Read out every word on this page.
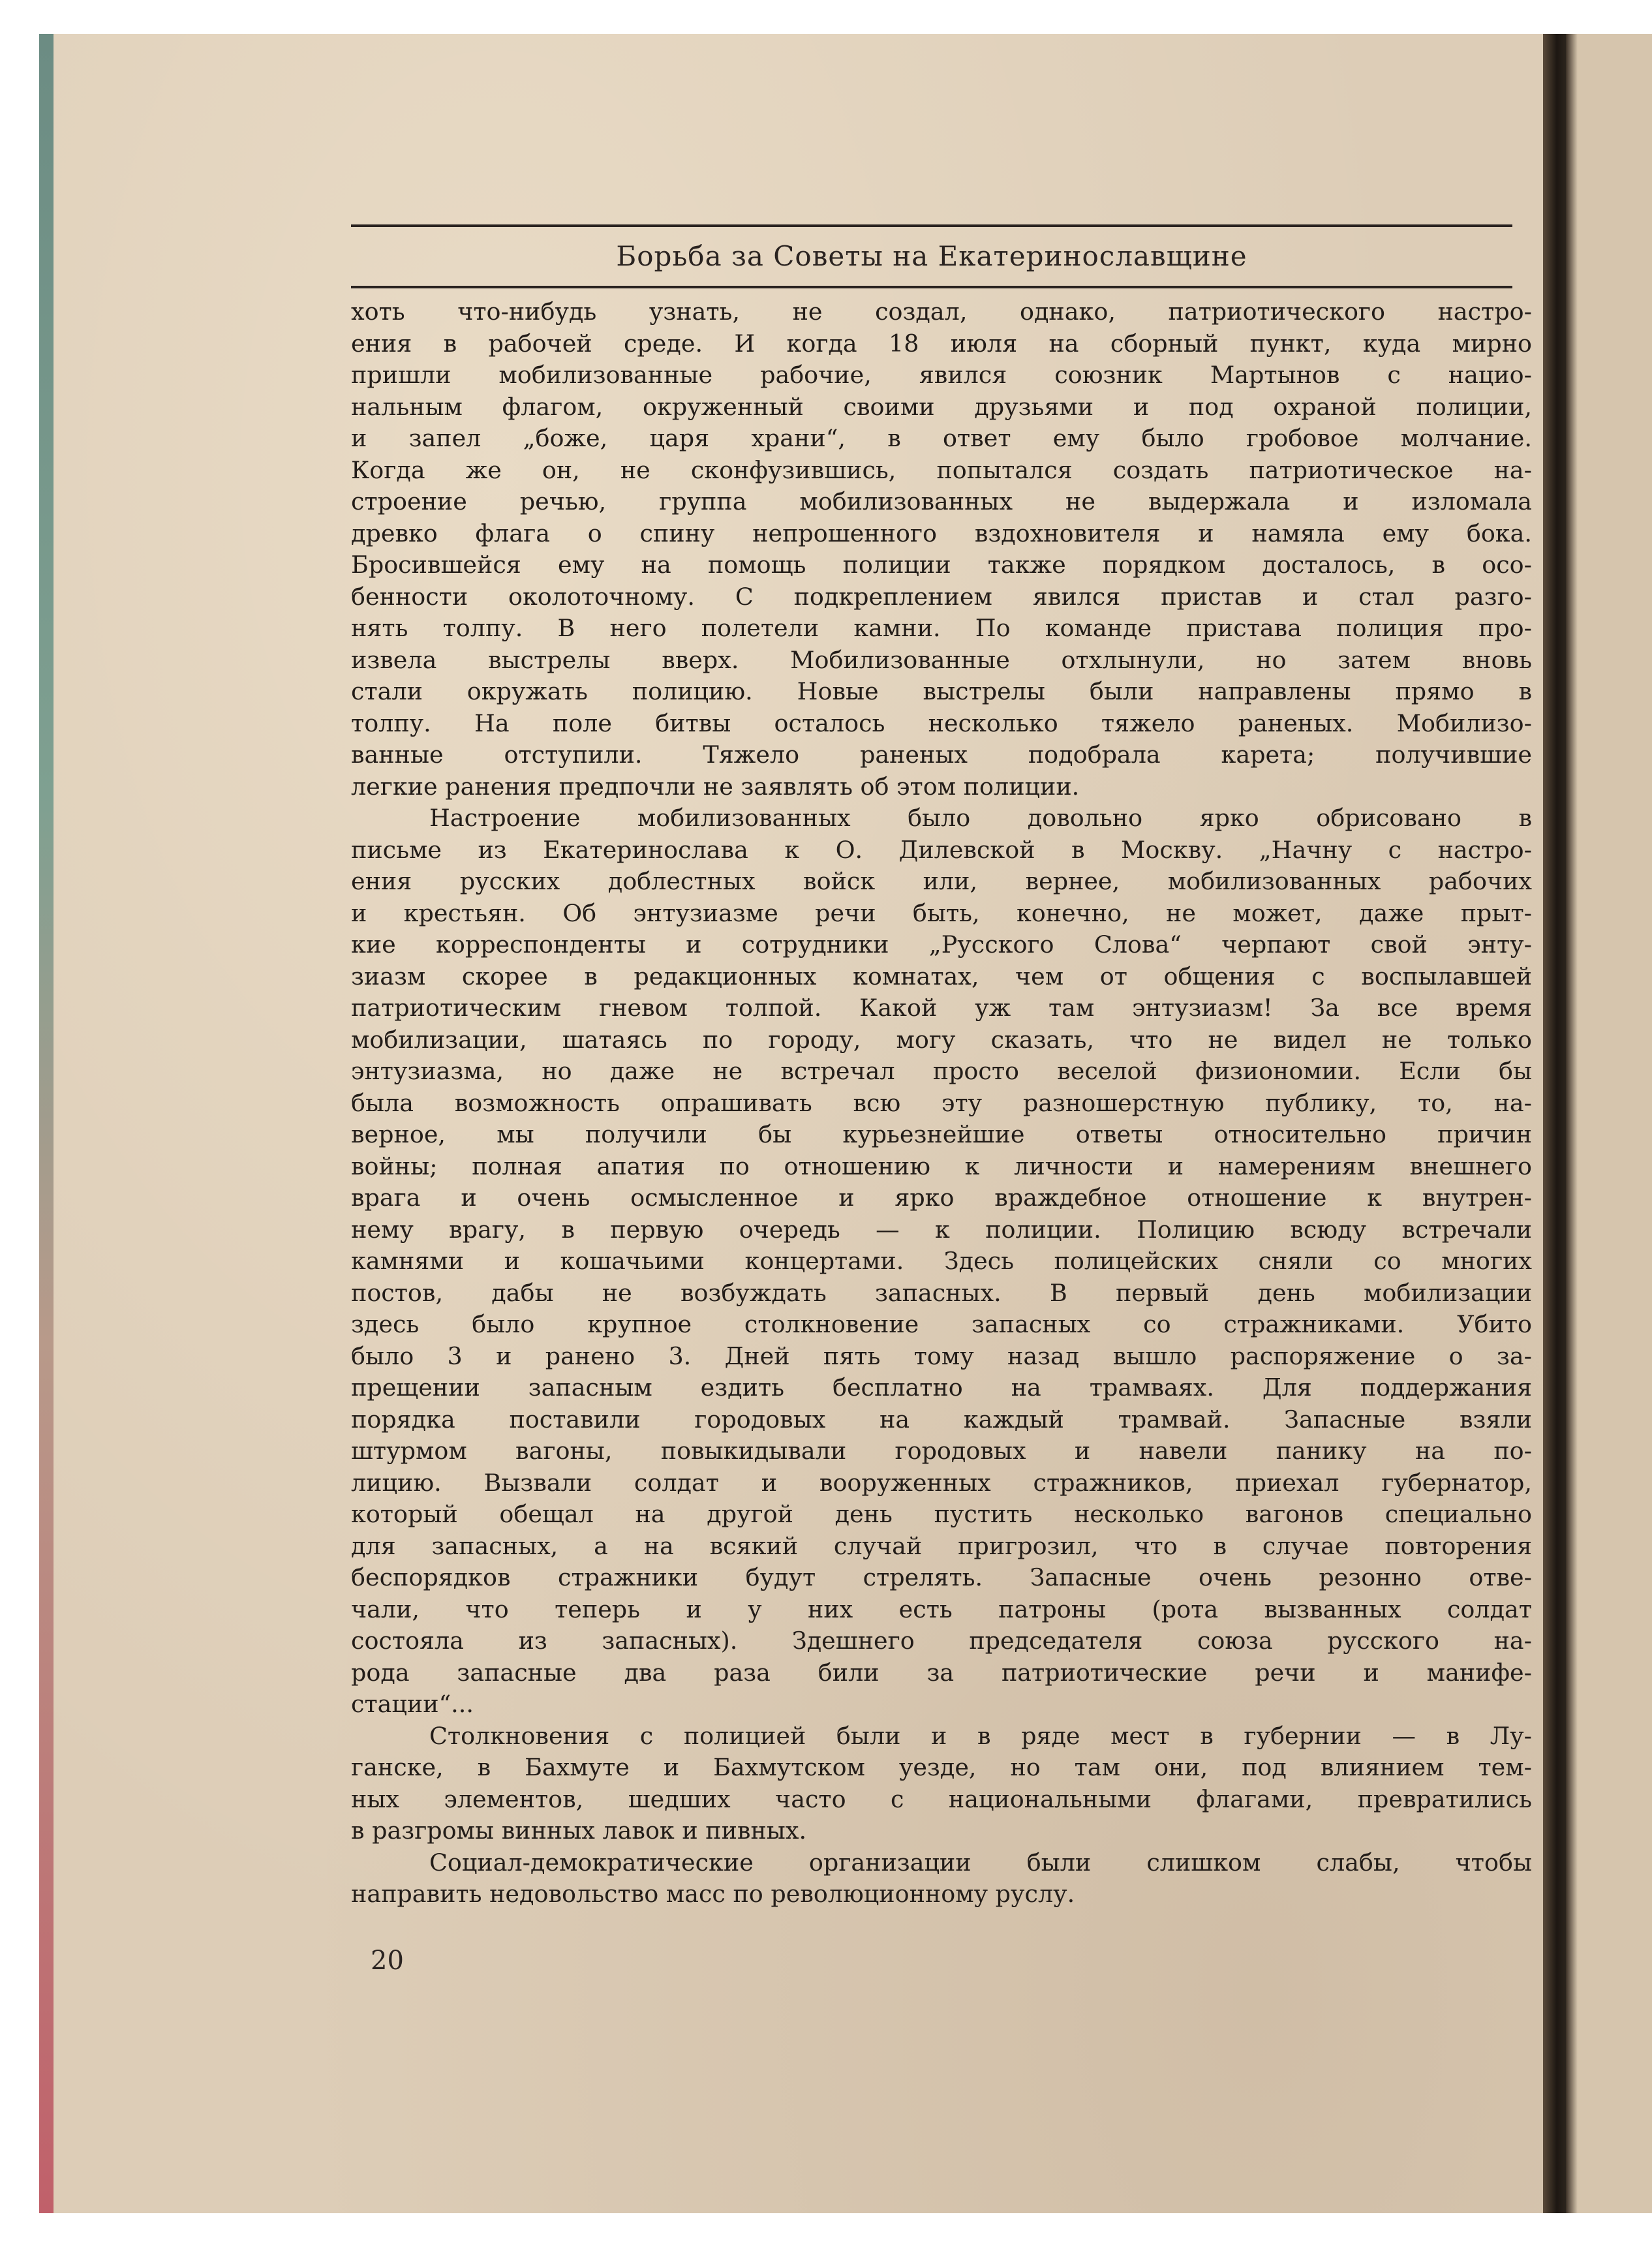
Борьба за Советы на Екатеринославщине
хоть что-нибудь узнать, не создал, однако, патриотического настро-
ения в рабочей среде. И когда 18 июля на сборный пункт, куда мирно
пришли мобилизованные рабочие, явился союзник Мартынов с нацио-
нальным флагом, окруженный своими друзьями и под охраной полиции,
и запел „боже, царя храни“, в ответ ему было гробовое молчание.
Когда же он, не сконфузившись, попытался создать патриотическое на-
строение речью, группа мобилизованных не выдержала и изломала
древко флага о спину непрошенного вздохновителя и намяла ему бока.
Бросившейся ему на помощь полиции также порядком досталось, в осо-
бенности околоточному. С подкреплением явился пристав и стал разго-
нять толпу. В него полетели камни. По команде пристава полиция про-
извела выстрелы вверх. Мобилизованные отхлынули, но затем вновь
стали окружать полицию. Новые выстрелы были направлены прямо в
толпу. На поле битвы осталось несколько тяжело раненых. Мобилизо-
ванные отступили. Тяжело раненых подобрала карета; получившие
легкие ранения предпочли не заявлять об этом полиции.
Настроение мобилизованных было довольно ярко обрисовано в
письме из Екатеринослава к О. Дилевской в Москву. „Начну с настро-
ения русских доблестных войск или, вернее, мобилизованных рабочих
и крестьян. Об энтузиазме речи быть, конечно, не может, даже прыт-
кие корреспонденты и сотрудники „Русского Слова“ черпают свой энту-
зиазм скорее в редакционных комнатах, чем от общения с воспылавшей
патриотическим гневом толпой. Какой уж там энтузиазм! За все время
мобилизации, шатаясь по городу, могу сказать, что не видел не только
энтузиазма, но даже не встречал просто веселой физиономии. Если бы
была возможность опрашивать всю эту разношерстную публику, то, на-
верное, мы получили бы курьезнейшие ответы относительно причин
войны; полная апатия по отношению к личности и намерениям внешнего
врага и очень осмысленное и ярко враждебное отношение к внутрен-
нему врагу, в первую очередь — к полиции. Полицию всюду встречали
камнями и кошачьими концертами. Здесь полицейских сняли со многих
постов, дабы не возбуждать запасных. В первый день мобилизации
здесь было крупное столкновение запасных со стражниками. Убито
было 3 и ранено 3. Дней пять тому назад вышло распоряжение о за-
прещении запасным ездить бесплатно на трамваях. Для поддержания
порядка поставили городовых на каждый трамвай. Запасные взяли
штурмом вагоны, повыкидывали городовых и навели панику на по-
лицию. Вызвали солдат и вооруженных стражников, приехал губернатор,
который обещал на другой день пустить несколько вагонов специально
для запасных, а на всякий случай пригрозил, что в случае повторения
беспорядков стражники будут стрелять. Запасные очень резонно отве-
чали, что теперь и у них есть патроны (рота вызванных солдат
состояла из запасных). Здешнего председателя союза русского на-
рода запасные два раза били за патриотические речи и манифе-
стации“...
Столкновения с полицией были и в ряде мест в губернии — в Лу-
ганске, в Бахмуте и Бахмутском уезде, но там они, под влиянием тем-
ных элементов, шедших часто с национальными флагами, превратились
в разгромы винных лавок и пивных.
Социал-демократические организации были слишком слабы, чтобы
направить недовольство масс по революционному руслу.
20
